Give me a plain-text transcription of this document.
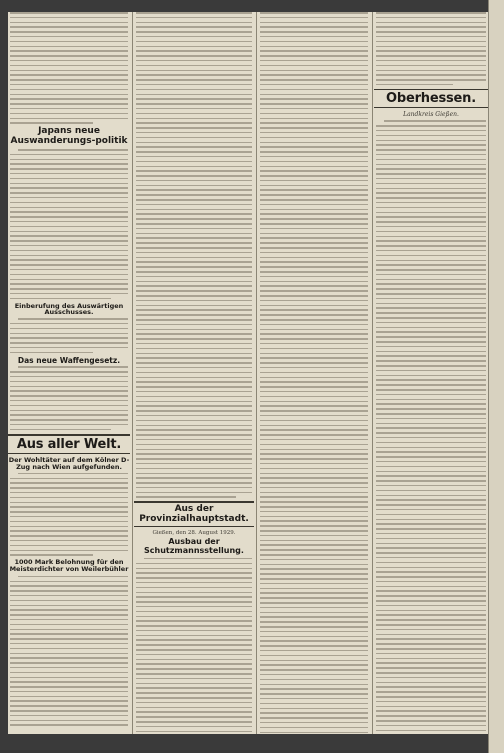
Japans neue Auswanderungs-politik
Einberufung des Auswärtigen Ausschusses.
Das neue Waffengesetz.
Aus aller Welt.
Der Wohltäter auf dem Kölner D-Zug nach Wien aufgefunden.
1000 Mark Belohnung für den Meisterdichter von Weilerbühler
Aus der Provinzialhauptstadt.
Gießen, den 28. August 1929.
Ausbau der Schutzmannsstellung.
Oberhessen.
Landkreis Gießen.
